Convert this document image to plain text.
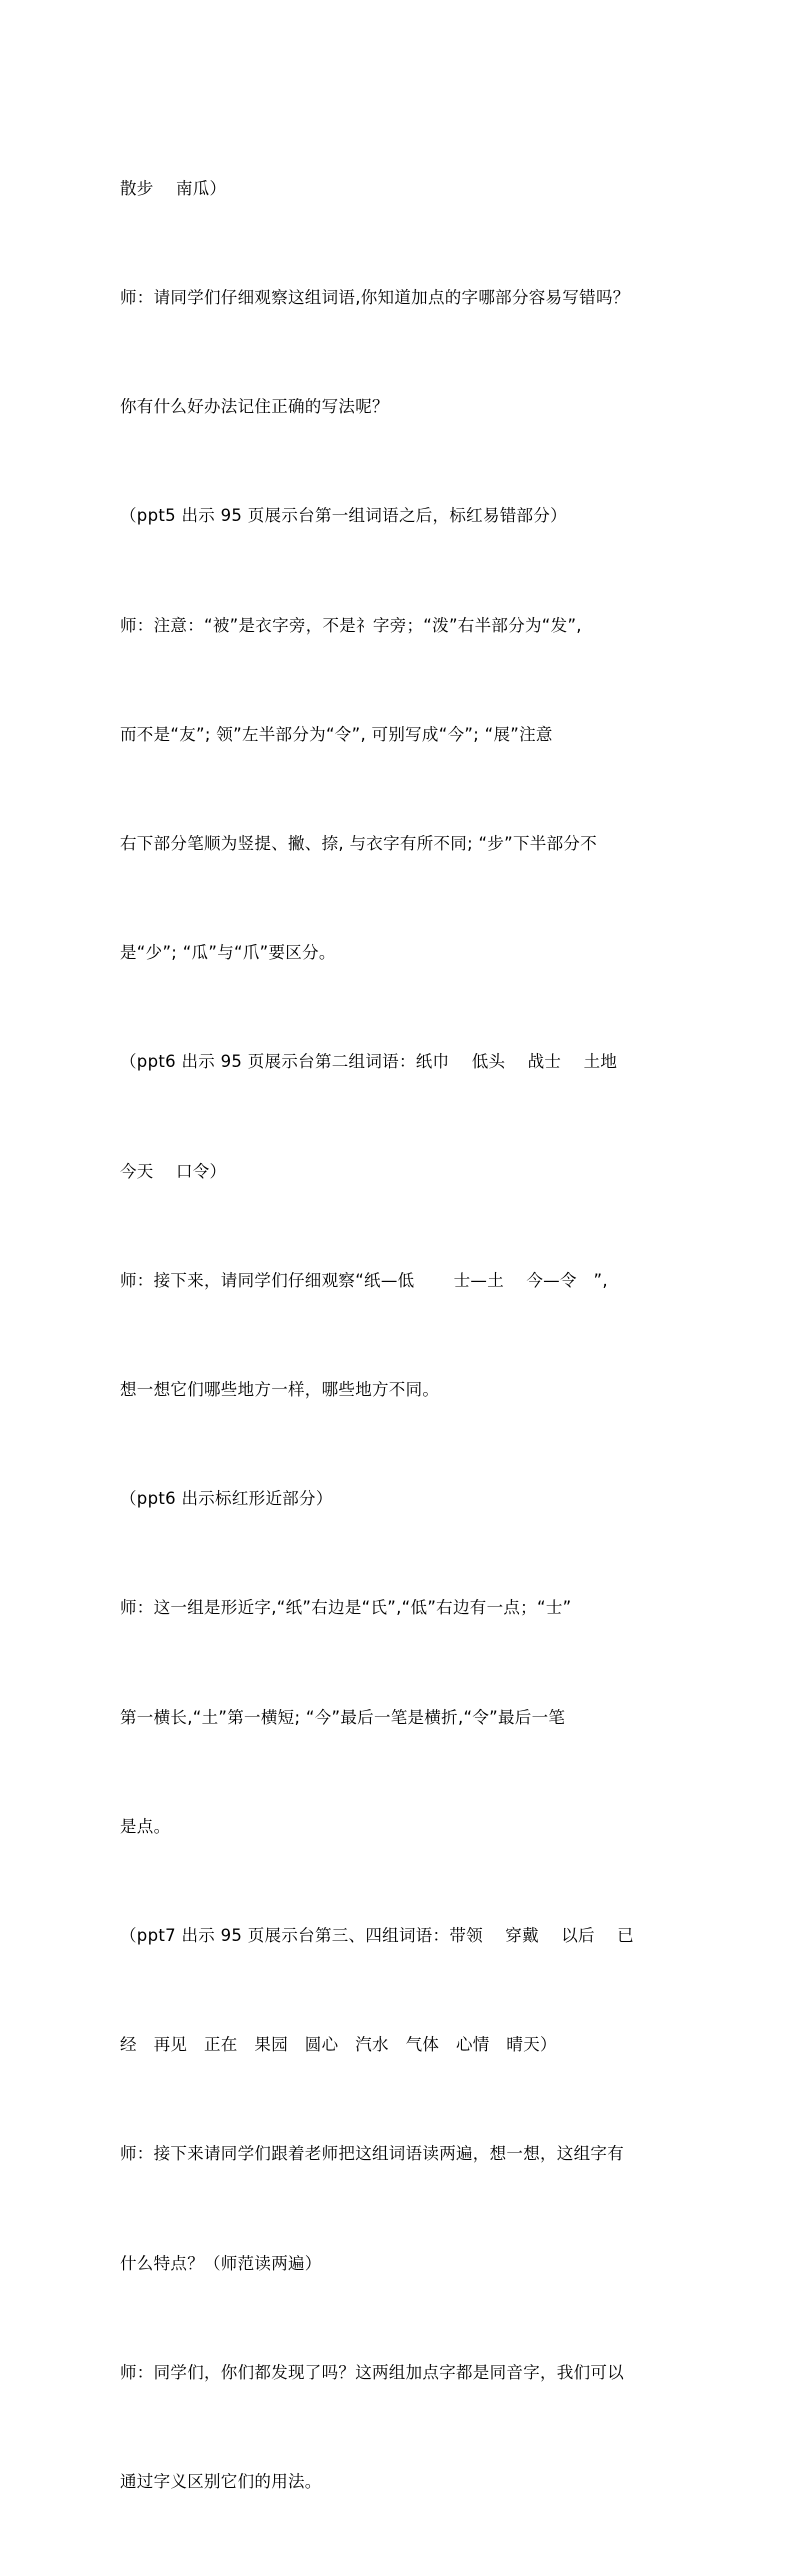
散步　 南瓜）

师：请同学们仔细观察这组词语,你知道加点的字哪部分容易写错吗？

你有什么好办法记住正确的写法呢？

（ppt5 出示 95 页展示台第一组词语之后，标红易错部分）

师：注意：“被”是衣字旁，不是礻字旁；“泼”右半部分为“发”,

而不是“友”; 领”左半部分为“令”, 可别写成“今”; “展”注意

右下部分笔顺为竖提、撇、捺, 与衣字有所不同; “步”下半部分不

是“少”; “瓜”与“爪”要区分。

（ppt6 出示 95 页展示台第二组词语：纸巾　 低头　 战士　 土地

今天　 口令）

师：接下来，请同学们仔细观察“纸—低　　 士—土　 今—令　”,

想一想它们哪些地方一样，哪些地方不同。

（ppt6 出示标红形近部分）

师：这一组是形近字,“纸”右边是“氏”,“低”右边有一点；“士”

第一横长,“土”第一横短; “今”最后一笔是横折,“令”最后一笔

是点。

（ppt7 出示 95 页展示台第三、四组词语：带领　 穿戴　 以后　 已

经　再见　正在　果园　圆心　汽水　气体　心情　晴天）

师：接下来请同学们跟着老师把这组词语读两遍，想一想，这组字有

什么特点？（师范读两遍）

师：同学们，你们都发现了吗？这两组加点字都是同音字，我们可以

通过字义区别它们的用法。
